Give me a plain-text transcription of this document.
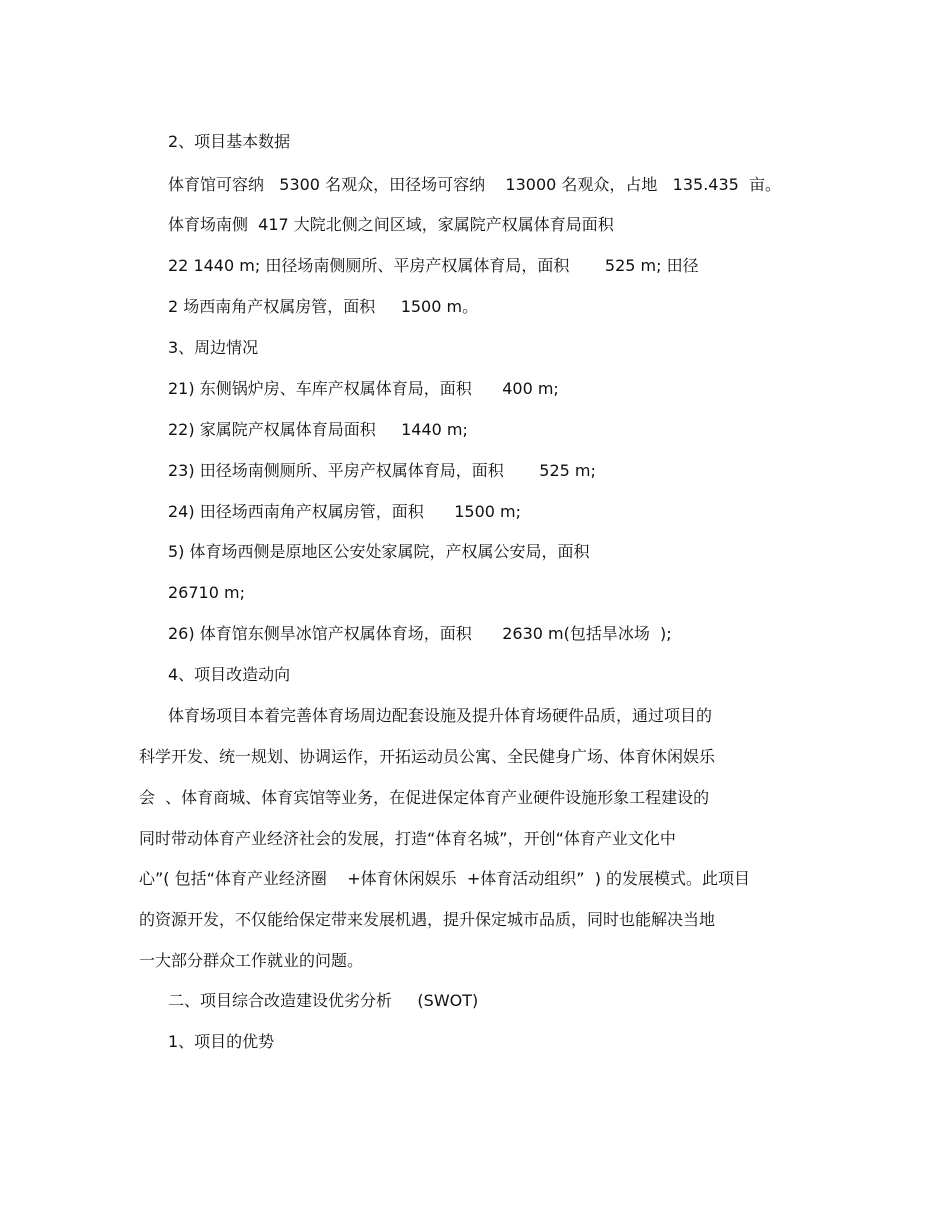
2、项目基本数据
体育馆可容纳   5300 名观众，田径场可容纳    13000 名观众，占地   135.435  亩。
体育场南侧  417 大院北侧之间区域，家属院产权属体育局面积
22 1440 m; 田径场南侧厕所、平房产权属体育局，面积       525 m; 田径
2 场西南角产权属房管，面积     1500 m。
3、周边情况
21) 东侧锅炉房、车库产权属体育局，面积      400 m;
22) 家属院产权属体育局面积     1440 m;
23) 田径场南侧厕所、平房产权属体育局，面积       525 m;
24) 田径场西南角产权属房管，面积      1500 m;
5) 体育场西侧是原地区公安处家属院，产权属公安局，面积
26710 m;
26) 体育馆东侧旱冰馆产权属体育场，面积      2630 m(包括旱冰场  );
4、项目改造动向
体育场项目本着完善体育场周边配套设施及提升体育场硬件品质，通过项目的
科学开发、统一规划、协调运作，开拓运动员公寓、全民健身广场、体育休闲娱乐
会  、体育商城、体育宾馆等业务，在促进保定体育产业硬件设施形象工程建设的
同时带动体育产业经济社会的发展，打造“体育名城”，开创“体育产业文化中
心”( 包括“体育产业经济圈    +体育休闲娱乐  +体育活动组织”  ) 的发展模式。此项目
的资源开发，不仅能给保定带来发展机遇，提升保定城市品质，同时也能解决当地
一大部分群众工作就业的问题。
二、项目综合改造建设优劣分析     (SWOT)
1、项目的优势
